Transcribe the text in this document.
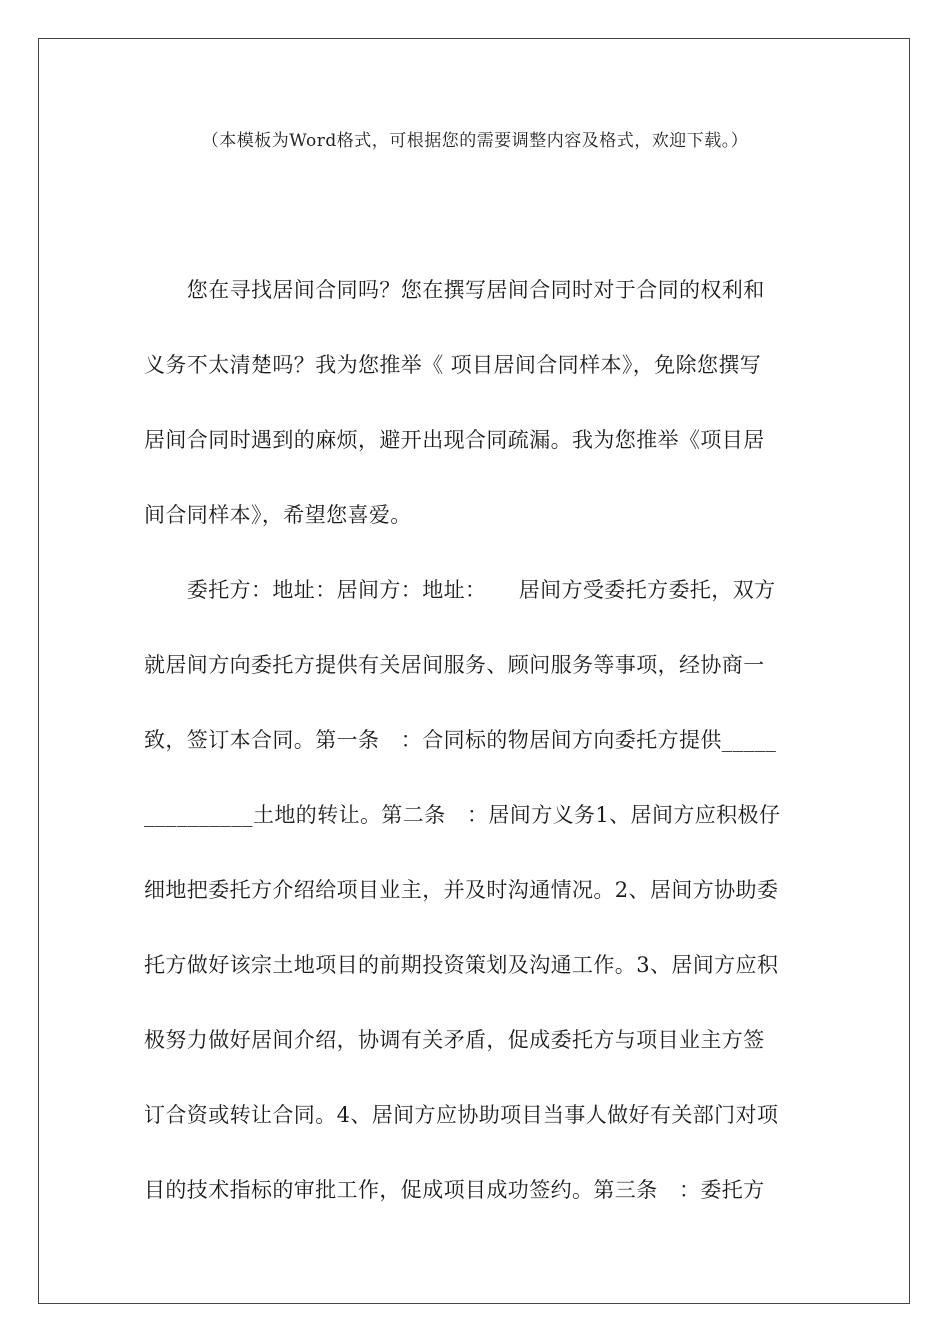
（本模板为Word格式，可根据您的需要调整内容及格式，欢迎下载。）
　　您在寻找居间合同吗？您在撰写居间合同时对于合同的权利和
义务不太清楚吗？我为您推举《 项目居间合同样本》，免除您撰写
居间合同时遇到的麻烦，避开出现合同疏漏。我为您推举《项目居
间合同样本》，希望您喜爱。
　　委托方：地址：居间方：地址：　　居间方受委托方委托，双方
就居间方向委托方提供有关居间服务、顾问服务等事项，经协商一
致，签订本合同。第一条　：合同标的物居间方向委托方提供_____
__________土地的转让。第二条　：居间方义务1、居间方应积极仔
细地把委托方介绍给项目业主，并及时沟通情况。2、居间方协助委
托方做好该宗土地项目的前期投资策划及沟通工作。3、居间方应积
极努力做好居间介绍，协调有关矛盾，促成委托方与项目业主方签
订合资或转让合同。4、居间方应协助项目当事人做好有关部门对项
目的技术指标的审批工作，促成项目成功签约。第三条　：委托方
